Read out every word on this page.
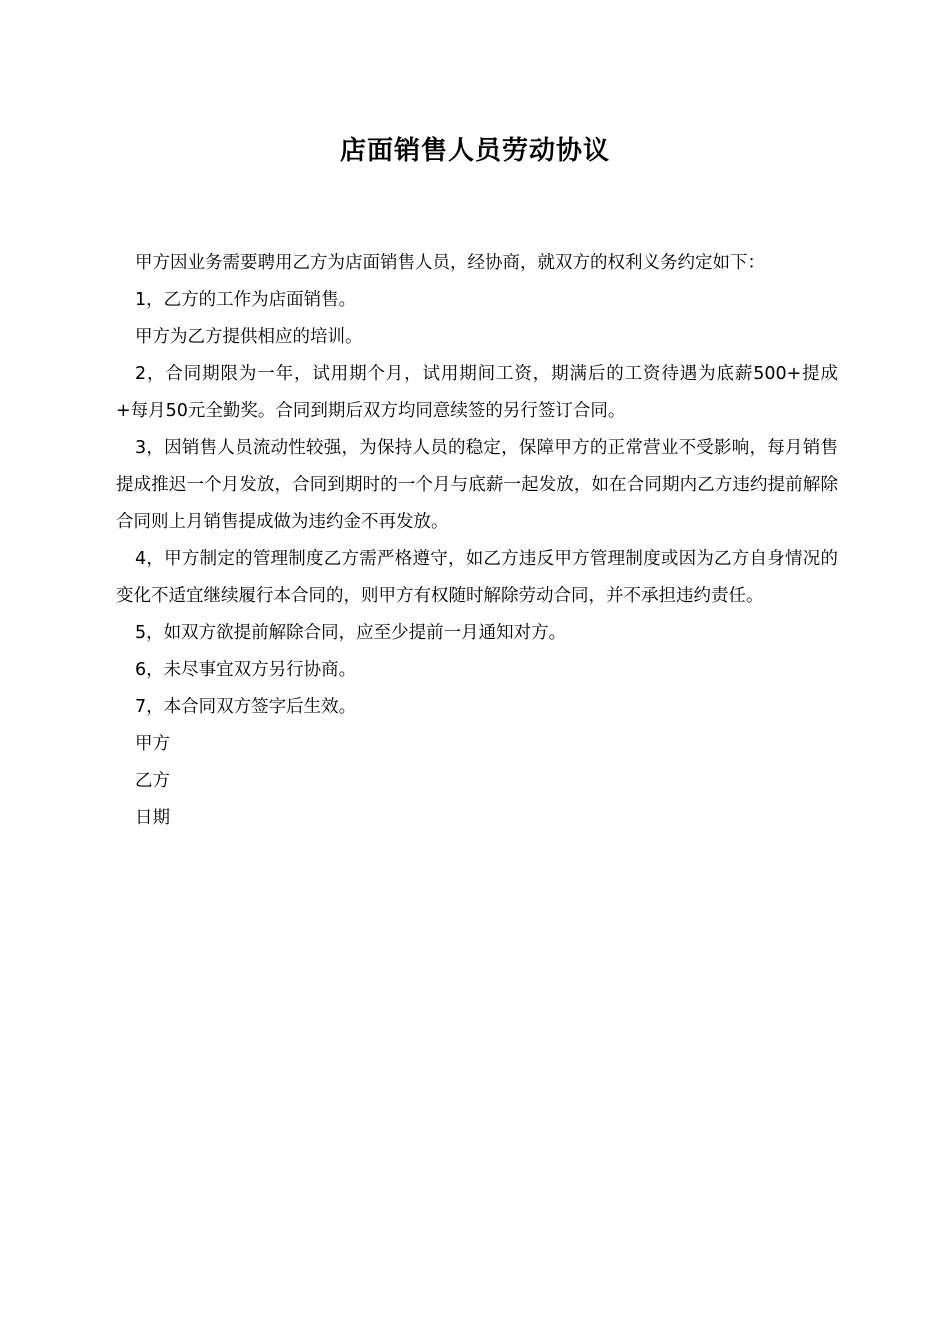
店面销售人员劳动协议

甲方因业务需要聘用乙方为店面销售人员，经协商，就双方的权利义务约定如下：

1，乙方的工作为店面销售。

甲方为乙方提供相应的培训。

2，合同期限为一年，试用期个月，试用期间工资，期满后的工资待遇为底薪500+提成+每月50元全勤奖。合同到期后双方均同意续签的另行签订合同。

3，因销售人员流动性较强，为保持人员的稳定，保障甲方的正常营业不受影响，每月销售提成推迟一个月发放，合同到期时的一个月与底薪一起发放，如在合同期内乙方违约提前解除合同则上月销售提成做为违约金不再发放。

4，甲方制定的管理制度乙方需严格遵守，如乙方违反甲方管理制度或因为乙方自身情况的变化不适宜继续履行本合同的，则甲方有权随时解除劳动合同，并不承担违约责任。

5，如双方欲提前解除合同，应至少提前一月通知对方。

6，未尽事宜双方另行协商。

7，本合同双方签字后生效。

甲方

乙方

日期
